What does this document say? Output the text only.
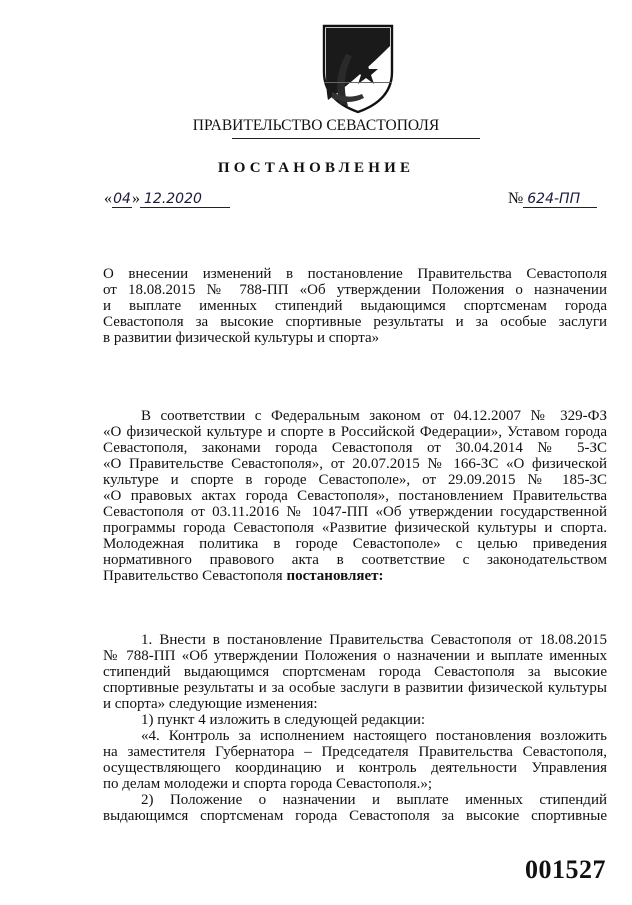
ПРАВИТЕЛЬСТВО СЕВАСТОПОЛЯ
ПОСТАНОВЛЕНИЕ
« 04 » 12.2020	№ 624-ПП

О внесении изменений в постановление Правительства Севастополя

от 18.08.2015 № 788-ПП «Об утверждении Положения о назначении

и выплате именных стипендий выдающимся спортсменам города

Севастополя за высокие спортивные результаты и за особые заслуги

в развитии физической культуры и спорта»

В соответствии с Федеральным законом от 04.12.2007 № 329-ФЗ

«О физической культуре и спорте в Российской Федерации», Уставом города

Севастополя, законами города Севастополя от 30.04.2014 № 5-ЗС

«О Правительстве Севастополя», от 20.07.2015 № 166-ЗС «О физической

культуре и спорте в городе Севастополе», от 29.09.2015 № 185-ЗС

«О правовых актах города Севастополя», постановлением Правительства

Севастополя от 03.11.2016 № 1047-ПП «Об утверждении государственной

программы города Севастополя «Развитие физической культуры и спорта.

Молодежная политика в городе Севастополе» с целью приведения

нормативного правового акта в соответствие с законодательством

Правительство Севастополя постановляет:

1. Внести в постановление Правительства Севастополя от 18.08.2015

№ 788-ПП «Об утверждении Положения о назначении и выплате именных

стипендий выдающимся спортсменам города Севастополя за высокие

спортивные результаты и за особые заслуги в развитии физической культуры

и спорта» следующие изменения:

1) пункт 4 изложить в следующей редакции:

«4. Контроль за исполнением настоящего постановления возложить

на заместителя Губернатора – Председателя Правительства Севастополя,

осуществляющего координацию и контроль деятельности Управления

по делам молодежи и спорта города Севастополя.»;

2) Положение о назначении и выплате именных стипендий

выдающимся спортсменам города Севастополя за высокие спортивные

001527
